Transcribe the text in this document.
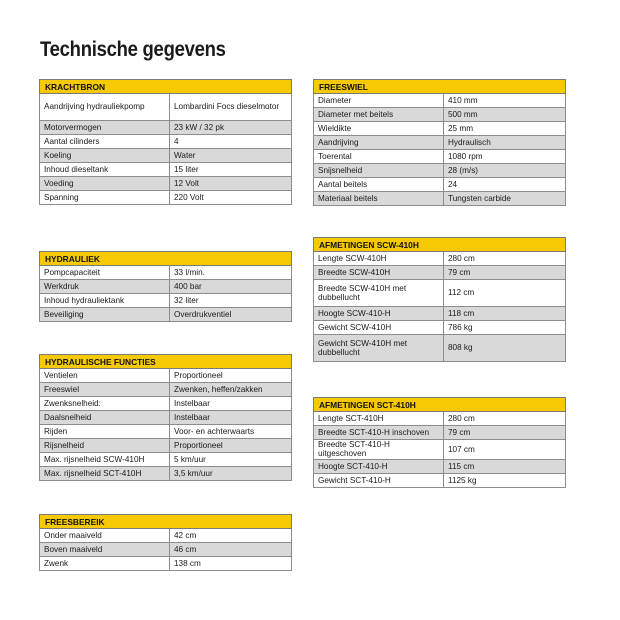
Technische gegevens
KRACHTBRON	
Aandrijving hydrauliekpomp	Lombardini Focs dieselmotor
Motorvermogen	23 kW / 32 pk
Aantal cilinders	4
Koeling	Water
Inhoud dieseltank	15 liter
Voeding	12 Volt
Spanning	220 Volt
HYDRAULIEK	
Pompcapaciteit	33 l/min.
Werkdruk	400 bar
Inhoud hydrauliektank	32 liter
Beveiliging	Overdrukventiel
HYDRAULISCHE FUNCTIES	
Ventielen	Proportioneel
Freeswiel	Zwenken, heffen/zakken
Zwenksnelheid:	Instelbaar
Daalsnelheid	Instelbaar
Rijden	Voor- en achterwaarts
Rijsnelheid	Proportioneel
Max. rijsnelheid SCW-410H	5 km/uur
Max. rijsnelheid SCT-410H	3,5 km/uur
FREESBEREIK	
Onder maaiveld	42 cm
Boven maaiveld	46 cm
Zwenk	138 cm
FREESWIEL	
Diameter	410 mm
Diameter met beitels	500 mm
Wieldikte	25 mm
Aandrijving	Hydraulisch
Toerental	1080 rpm
Snijsnelheid	28 (m/s)
Aantal beitels	24
Materiaal beitels	Tungsten carbide
AFMETINGEN SCW-410H	
Lengte SCW-410H	280 cm
Breedte SCW-410H	79 cm
Breedte SCW-410H met dubbellucht	112 cm
Hoogte SCW-410-H	118 cm
Gewicht SCW-410H	786 kg
Gewicht SCW-410H met dubbellucht	808 kg
AFMETINGEN SCT-410H	
Lengte SCT-410H	280 cm
Breedte SCT-410-H inschoven	79 cm
Breedte SCT-410-H uitgeschoven	107 cm
Hoogte SCT-410-H	115 cm
Gewicht SCT-410-H	1125 kg
